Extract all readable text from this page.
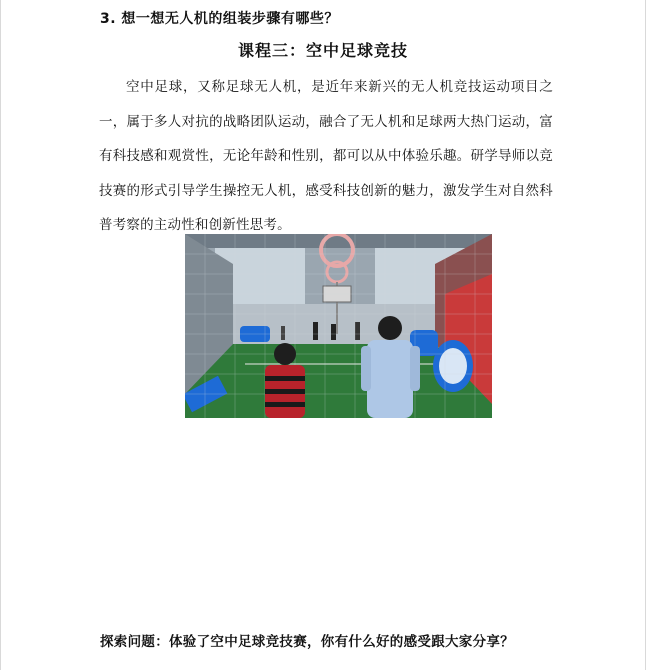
3. 想一想无人机的组装步骤有哪些？
课程三：空中足球竞技

空中足球，又称足球无人机，是近年来新兴的无人机竞技运动项目之一，属于多人对抗的战略团队运动，融合了无人机和足球两大热门运动，富有科技感和观赏性，无论年龄和性别，都可以从中体验乐趣。研学导师以竞技赛的形式引导学生操控无人机，感受科技创新的魅力，激发学生对自然科普考察的主动性和创新性思考。

探索问题：体验了空中足球竞技赛，你有什么好的感受跟大家分享？
